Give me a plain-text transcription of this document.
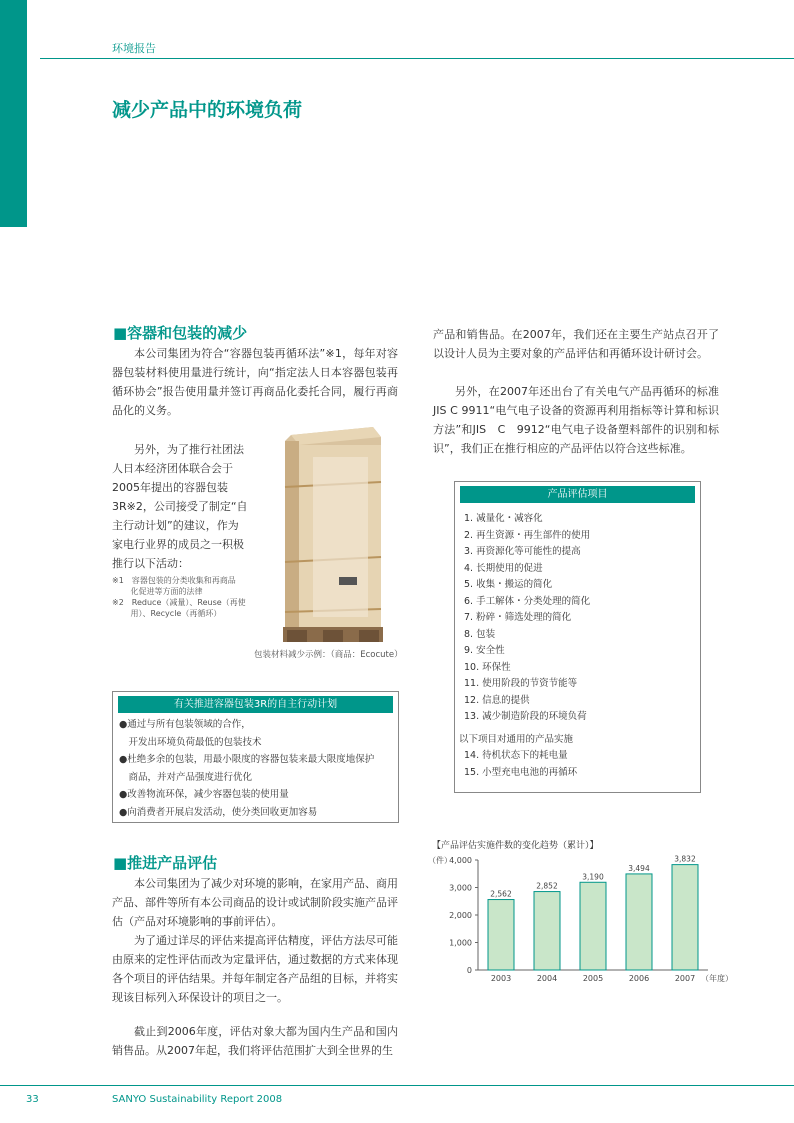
环境报告
减少产品中的环境负荷
■容器和包装的减少

本公司集团为符合“容器包装再循环法”※1，每年对容器包装材料使用量进行统计，向“指定法人日本容器包装再循环协会”报告使用量并签订再商品化委托合同，履行再商品化的义务。

　　另外，为了推行社团法
人日本经济团体联合会于
2005年提出的容器包装
3R※2，公司接受了制定“自
主行动计划”的建议，作为
家电行业界的成员之一积极
推行以下活动：
※1　容器包装的分类收集和再商品
　　 化促进等方面的法律
※2　Reduce（减量）、Reuse（再使
　　 用）、Recycle（再循环）
包装材料减少示例：（商品：Ecocute）
有关推进容器包装3R的自主行动计划
●通过与所有包装领域的合作，
　开发出环境负荷最低的包装技术
●杜绝多余的包装，用最小限度的容器包装来最大限度地保护
　商品，并对产品强度进行优化
●改善物流环保，减少容器包装的使用量
●向消费者开展启发活动，使分类回收更加容易
■推进产品评估

本公司集团为了减少对环境的影响，在家用产品、商用产品、部件等所有本公司商品的设计或试制阶段实施产品评估（产品对环境影响的事前评估）。

为了通过详尽的评估来提高评估精度，评估方法尽可能由原来的定性评估而改为定量评估，通过数据的方式来体现各个项目的评估结果。并每年制定各产品组的目标，并将实现该目标列入环保设计的项目之一。

截止到2006年度，评估对象大都为国内生产品和国内销售品。从2007年起，我们将评估范围扩大到全世界的生

产品和销售品。在2007年，我们还在主要生产站点召开了以设计人员为主要对象的产品评估和再循环设计研讨会。

另外，在2007年还出台了有关电气产品再循环的标准JIS C 9911“电气电子设备的资源再利用指标等计算和标识方法”和JIS　C　9912“电气电子设备塑料部件的识别和标识”，我们正在推行相应的产品评估以符合这些标准。

产品评估项目
1. 减量化・减容化
2. 再生资源・再生部件的使用
3. 再资源化等可能性的提高
4. 长期使用的促进
5. 收集・搬运的简化
6. 手工解体・分类处理的简化
7. 粉碎・筛选处理的简化
8. 包装
9. 安全性
10. 环保性
11. 使用阶段的节资节能等
12. 信息的提供
13. 减少制造阶段的环境负荷
以下项目对通用的产品实施
14. 待机状态下的耗电量
15. 小型充电电池的再循环
【产品评估实施件数的变化趋势（累计）】
0
1,000
2,000
3,000
4,000
（件）
2,562
2003
2,852
2004
3,190
2005
3,494
2006
3,832
2007 （年度）
33	SANYO Sustainability Report 2008
